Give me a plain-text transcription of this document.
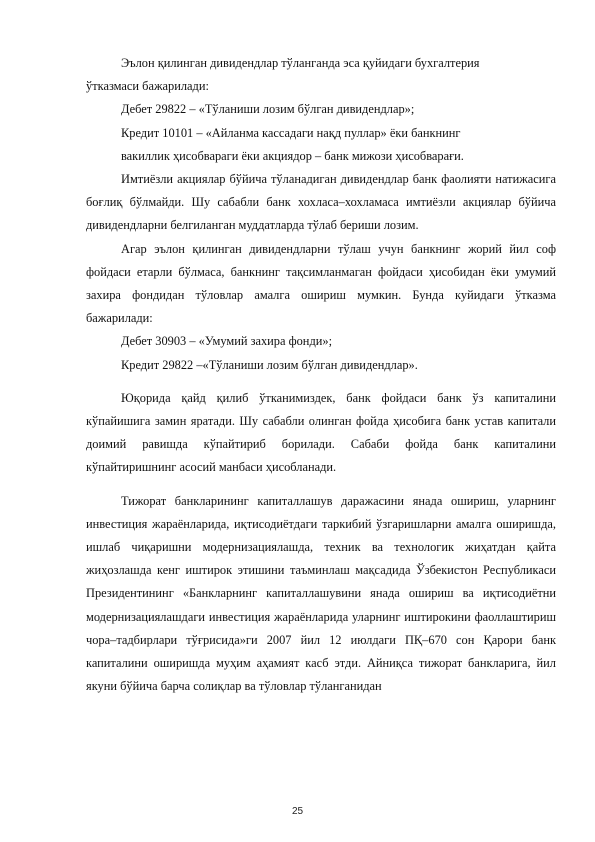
Эълон қилинган дивидендлар тўланганда эса қуйидаги бухгалтерия

ўтказмаси бажарилади:

Дебет 29822 – «Тўланиши лозим бўлган дивидендлар»;

Кредит 10101 – «Айланма кассадаги нақд пуллар» ёки банкнинг

вакиллик ҳисобвараги ёки акциядор – банк мижози ҳисобварағи.

Имтиёзли акциялар бўйича тўланадиган дивидендлар банк фаолияти натижасига боғлиқ бўлмайди. Шу сабабли банк хохласа–хохламаса имтиёзли акциялар бўйича дивидендларни белгиланган муддатларда тўлаб бериши лозим.

Агар эълон қилинган дивидендларни тўлаш учун банкнинг жорий йил соф фойдаси етарли бўлмаса, банкнинг тақсимланмаган фойдаси ҳисобидан ёки умумий захира фондидан тўловлар амалга ошириш мумкин. Бунда куйидаги ўтказма бажарилади:

Дебет 30903 – «Умумий захира фонди»;

Кредит 29822 –«Тўланиши лозим бўлган дивидендлар».

Юқорида қайд қилиб ўтканимиздек, банк фойдаси банк ўз капиталини кўпайишига замин яратади. Шу сабабли олинган фойда ҳисобига банк устав капитали доимий равишда кўпайтириб борилади. Сабаби фойда банк капиталини кўпайтиришнинг асосий манбаси ҳисобланади.

Тижорат банкларининг капиталлашув даражасини янада ошириш, уларнинг инвестиция жараёнларида, иқтисодиётдаги таркибий ўзгаришларни амалга оширишда, ишлаб чиқаришни модернизациялашда, техник ва технологик жиҳатдан қайта жиҳозлашда кенг иштирок этишини таъминлаш мақсадида Ўзбекистон Республикаси Президентининг «Банкларнинг капиталлашувини янада ошириш ва иқтисодиётни модернизациялашдаги инвестиция жараёнларида уларнинг иштирокини фаоллаштириш чора–тадбирлари тўғрисида»ги 2007 йил 12 июлдаги ПҚ–670 сон Қарори банк капиталини оширишда муҳим аҳамият касб этди. Айниқса тижорат банкларига, йил якуни бўйича барча солиқлар ва тўловлар тўланганидан

25
